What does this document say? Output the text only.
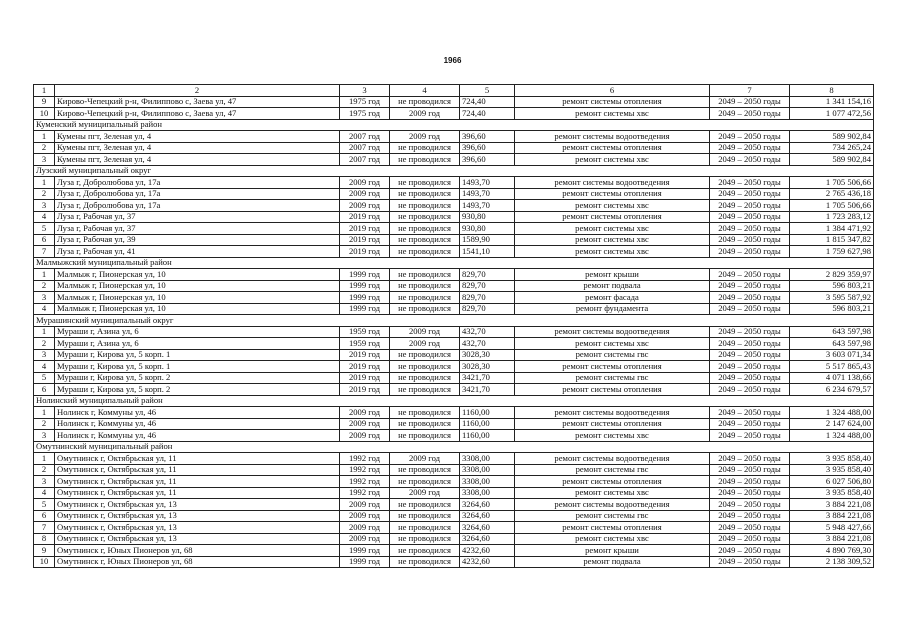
1966
1	2	3	4	5	6	7	8
9	Кирово-Чепецкий р-н, Филиппово с, Заева ул, 47	1975 год	не проводился	724,40	ремонт системы отопления	2049 – 2050 годы	1 341 154,16
10	Кирово-Чепецкий р-н, Филиппово с, Заева ул, 47	1975 год	2009 год	724,40	ремонт системы хвс	2049 – 2050 годы	1 077 472,56
Куменский муниципальный район							
1	Кумены пгт, Зеленая ул, 4	2007 год	2009 год	396,60	ремонт системы водоотведения	2049 – 2050 годы	589 902,84
2	Кумены пгт, Зеленая ул, 4	2007 год	не проводился	396,60	ремонт системы отопления	2049 – 2050 годы	734 265,24
3	Кумены пгт, Зеленая ул, 4	2007 год	не проводился	396,60	ремонт системы хвс	2049 – 2050 годы	589 902,84
Лузский муниципальный округ							
1	Луза г, Добролюбова ул, 17а	2009 год	не проводился	1493,70	ремонт системы водоотведения	2049 – 2050 годы	1 705 506,66
2	Луза г, Добролюбова ул, 17а	2009 год	не проводился	1493,70	ремонт системы отопления	2049 – 2050 годы	2 765 436,18
3	Луза г, Добролюбова ул, 17а	2009 год	не проводился	1493,70	ремонт системы хвс	2049 – 2050 годы	1 705 506,66
4	Луза г, Рабочая ул, 37	2019 год	не проводился	930,80	ремонт системы отопления	2049 – 2050 годы	1 723 283,12
5	Луза г, Рабочая ул, 37	2019 год	не проводился	930,80	ремонт системы хвс	2049 – 2050 годы	1 384 471,92
6	Луза г, Рабочая ул, 39	2019 год	не проводился	1589,90	ремонт системы хвс	2049 – 2050 годы	1 815 347,82
7	Луза г, Рабочая ул, 41	2019 год	не проводился	1541,10	ремонт системы хвс	2049 – 2050 годы	1 759 627,98
Малмыжский муниципальный район							
1	Малмыж г, Пионерская ул, 10	1999 год	не проводился	829,70	ремонт крыши	2049 – 2050 годы	2 829 359,97
2	Малмыж г, Пионерская ул, 10	1999 год	не проводился	829,70	ремонт подвала	2049 – 2050 годы	596 803,21
3	Малмыж г, Пионерская ул, 10	1999 год	не проводился	829,70	ремонт фасада	2049 – 2050 годы	3 595 587,92
4	Малмыж г, Пионерская ул, 10	1999 год	не проводился	829,70	ремонт фундамента	2049 – 2050 годы	596 803,21
Мурашинский муниципальный округ							
1	Мураши г, Азина ул, 6	1959 год	2009 год	432,70	ремонт системы водоотведения	2049 – 2050 годы	643 597,98
2	Мураши г, Азина ул, 6	1959 год	2009 год	432,70	ремонт системы хвс	2049 – 2050 годы	643 597,98
3	Мураши г, Кирова ул, 5 корп. 1	2019 год	не проводился	3028,30	ремонт системы гвс	2049 – 2050 годы	3 603 071,34
4	Мураши г, Кирова ул, 5 корп. 1	2019 год	не проводился	3028,30	ремонт системы отопления	2049 – 2050 годы	5 517 865,43
5	Мураши г, Кирова ул, 5 корп. 2	2019 год	не проводился	3421,70	ремонт системы гвс	2049 – 2050 годы	4 071 138,66
6	Мураши г, Кирова ул, 5 корп. 2	2019 год	не проводился	3421,70	ремонт системы отопления	2049 – 2050 годы	6 234 679,57
Нолинский муниципальный район							
1	Нолинск г, Коммуны ул, 46	2009 год	не проводился	1160,00	ремонт системы водоотведения	2049 – 2050 годы	1 324 488,00
2	Нолинск г, Коммуны ул, 46	2009 год	не проводился	1160,00	ремонт системы отопления	2049 – 2050 годы	2 147 624,00
3	Нолинск г, Коммуны ул, 46	2009 год	не проводился	1160,00	ремонт системы хвс	2049 – 2050 годы	1 324 488,00
Омутнинский муниципальный район							
1	Омутнинск г, Октябрьская ул, 11	1992 год	2009 год	3308,00	ремонт системы водоотведения	2049 – 2050 годы	3 935 858,40
2	Омутнинск г, Октябрьская ул, 11	1992 год	не проводился	3308,00	ремонт системы гвс	2049 – 2050 годы	3 935 858,40
3	Омутнинск г, Октябрьская ул, 11	1992 год	не проводился	3308,00	ремонт системы отопления	2049 – 2050 годы	6 027 506,80
4	Омутнинск г, Октябрьская ул, 11	1992 год	2009 год	3308,00	ремонт системы хвс	2049 – 2050 годы	3 935 858,40
5	Омутнинск г, Октябрьская ул, 13	2009 год	не проводился	3264,60	ремонт системы водоотведения	2049 – 2050 годы	3 884 221,08
6	Омутнинск г, Октябрьская ул, 13	2009 год	не проводился	3264,60	ремонт системы гвс	2049 – 2050 годы	3 884 221,08
7	Омутнинск г, Октябрьская ул, 13	2009 год	не проводился	3264,60	ремонт системы отопления	2049 – 2050 годы	5 948 427,66
8	Омутнинск г, Октябрьская ул, 13	2009 год	не проводился	3264,60	ремонт системы хвс	2049 – 2050 годы	3 884 221,08
9	Омутнинск г, Юных Пионеров ул, 68	1999 год	не проводился	4232,60	ремонт крыши	2049 – 2050 годы	4 890 769,30
10	Омутнинск г, Юных Пионеров ул, 68	1999 год	не проводился	4232,60	ремонт подвала	2049 – 2050 годы	2 138 309,52
